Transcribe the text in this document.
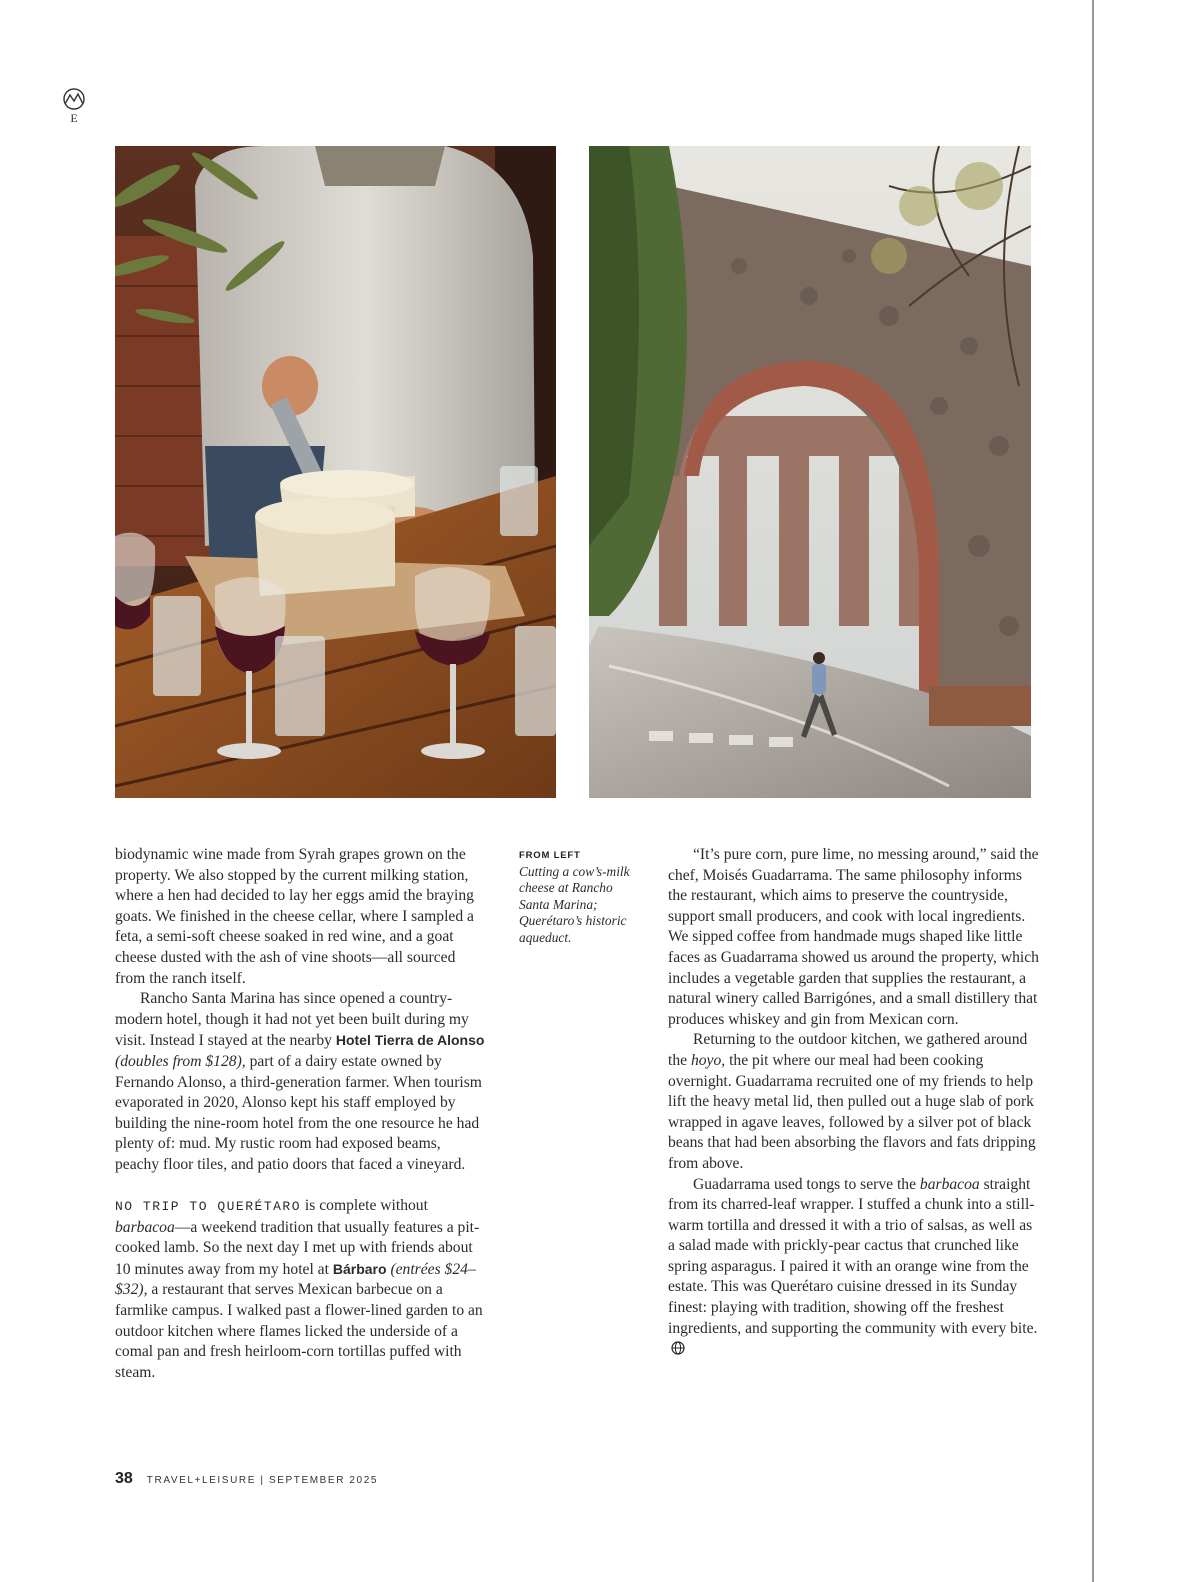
E
FROM LEFT
Cutting a cow’s-milk cheese at Rancho Santa Marina; Querétaro’s historic aqueduct.

biodynamic wine made from Syrah grapes grown on the property. We also stopped by the current milking station, where a hen had decided to lay her eggs amid the braying goats. We finished in the cheese cellar, where I sampled a feta, a semi-soft cheese soaked in red wine, and a goat cheese dusted with the ash of vine shoots—all sourced from the ranch itself.

Rancho Santa Marina has since opened a country-modern hotel, though it had not yet been built during my visit. Instead I stayed at the nearby Hotel Tierra de Alonso (doubles from $128), part of a dairy estate owned by Fernando Alonso, a third-generation farmer. When tourism evaporated in 2020, Alonso kept his staff employed by building the nine-room hotel from the one resource he had plenty of: mud. My rustic room had exposed beams, peachy floor tiles, and patio doors that faced a vineyard.

NO TRIP TO QUERÉTARO is complete without barbacoa—a weekend tradition that usually features a pit-cooked lamb. So the next day I met up with friends about 10 minutes away from my hotel at Bárbaro (entrées $24–$32), a restaurant that serves Mexican barbecue on a farmlike campus. I walked past a flower-lined garden to an outdoor kitchen where flames licked the underside of a comal pan and fresh heirloom-corn tortillas puffed with steam.

“It’s pure corn, pure lime, no messing around,” said the chef, Moisés Guadarrama. The same philosophy informs the restaurant, which aims to preserve the countryside, support small producers, and cook with local ingredients. We sipped coffee from handmade mugs shaped like little faces as Guadarrama showed us around the property, which includes a vegetable garden that supplies the restaurant, a natural winery called Barrigónes, and a small distillery that produces whiskey and gin from Mexican corn.

Returning to the outdoor kitchen, we gathered around the hoyo, the pit where our meal had been cooking overnight. Guadarrama recruited one of my friends to help lift the heavy metal lid, then pulled out a huge slab of pork wrapped in agave leaves, followed by a silver pot of black beans that had been absorbing the flavors and fats dripping from above.

Guadarrama used tongs to serve the barbacoa straight from its charred-leaf wrapper. I stuffed a chunk into a still-warm tortilla and dressed it with a trio of salsas, as well as a salad made with prickly-pear cactus that crunched like spring asparagus. I paired it with an orange wine from the estate. This was Querétaro cuisine dressed in its Sunday finest: playing with tradition, showing off the freshest ingredients, and supporting the community with every bite.

38 TRAVEL+LEISURE | SEPTEMBER 2025
